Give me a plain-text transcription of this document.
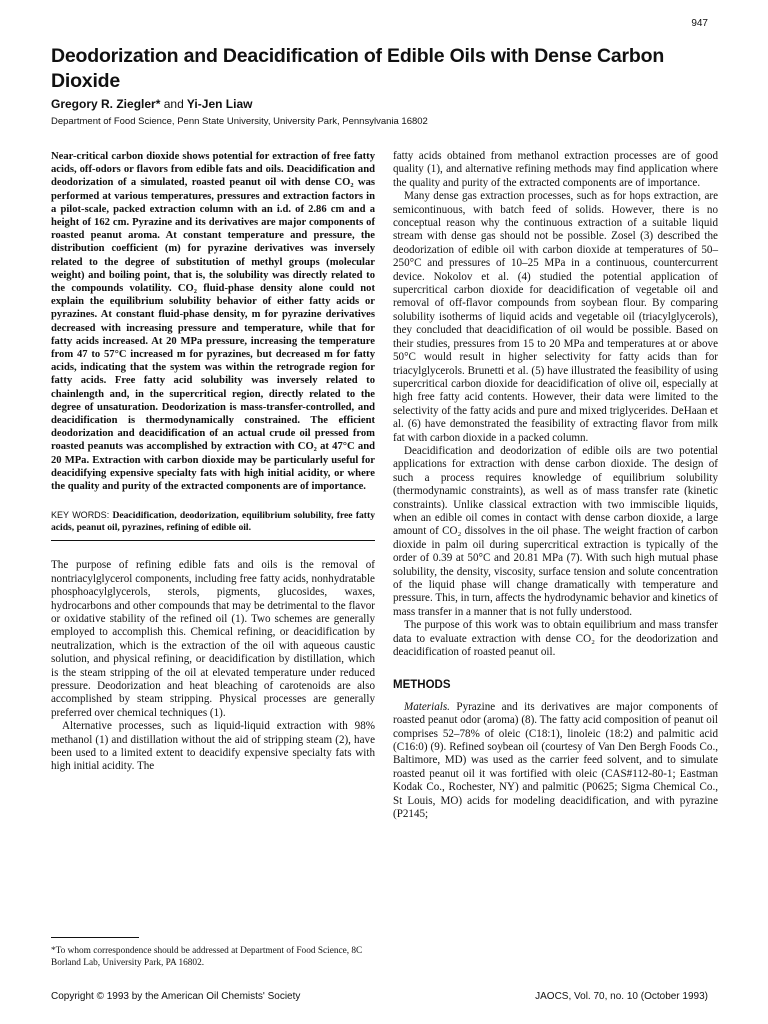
947
Deodorization and Deacidification of Edible Oils with Dense Carbon Dioxide
Gregory R. Ziegler* and Yi-Jen Liaw
Department of Food Science, Penn State University, University Park, Pennsylvania 16802

Near-critical carbon dioxide shows potential for extraction of free fatty acids, off-odors or flavors from edible fats and oils. Deacidification and deodorization of a simulated, roasted peanut oil with dense CO₂ was performed at various temperatures, pressures and extraction factors in a pilot-scale, packed extraction column with an i.d. of 2.86 cm and a height of 162 cm. Pyrazine and its derivatives are major components of roasted peanut aroma. At constant temperature and pressure, the distribution coefficient (m) for pyrazine derivatives was inversely related to the degree of substitution of methyl groups (molecular weight) and boiling point, that is, the solubility was directly related to the compounds volatility. CO₂ fluid-phase density alone could not explain the equilibrium solubility behavior of either fatty acids or pyrazines. At constant fluid-phase density, m for pyrazine derivatives decreased with increasing pressure and temperature, while that for fatty acids increased. At 20 MPa pressure, increasing the temperature from 47 to 57°C increased m for pyrazines, but decreased m for fatty acids, indicating that the system was within the retrograde region for fatty acids. Free fatty acid solubility was inversely related to chainlength and, in the supercritical region, directly related to the degree of unsaturation. Deodorization is mass-transfer-controlled, and deacidification is thermodynamically constrained. The efficient deodorization and deacidification of an actual crude oil pressed from roasted peanuts was accomplished by extraction with CO₂ at 47°C and 20 MPa. Extraction with carbon dioxide may be particularly useful for deacidifying expensive specialty fats with high initial acidity, or where the quality and purity of the extracted components are of importance.

KEY WORDS: Deacidification, deodorization, equilibrium solubility, free fatty acids, peanut oil, pyrazines, refining of edible oil.

The purpose of refining edible fats and oils is the removal of nontriacylglycerol components, including free fatty acids, nonhydratable phosphoacylglycerols, sterols, pigments, glucosides, waxes, hydrocarbons and other compounds that may be detrimental to the flavor or oxidative stability of the refined oil (1). Two schemes are generally employed to accomplish this. Chemical refining, or deacidification by neutralization, which is the extraction of the oil with aqueous caustic solution, and physical refining, or deacidification by distillation, which is the steam stripping of the oil at elevated temperature under reduced pressure. Deodorization and heat bleaching of carotenoids are also accomplished by steam stripping. Physical processes are generally preferred over chemical techniques (1).

Alternative processes, such as liquid-liquid extraction with 98% methanol (1) and distillation without the aid of stripping steam (2), have been used to a limited extent to deacidify expensive specialty fats with high initial acidity. The

*To whom correspondence should be addressed at Department of Food Science, 8C Borland Lab, University Park, PA 16802.

fatty acids obtained from methanol extraction processes are of good quality (1), and alternative refining methods may find application where the quality and purity of the extracted components are of importance.

Many dense gas extraction processes, such as for hops extraction, are semicontinuous, with batch feed of solids. However, there is no conceptual reason why the continuous extraction of a suitable liquid stream with dense gas should not be possible. Zosel (3) described the deodorization of edible oil with carbon dioxide at temperatures of 50–250°C and pressures of 10–25 MPa in a continuous, countercurrent device. Nokolov et al. (4) studied the potential application of supercritical carbon dioxide for deacidification of vegetable oil and removal of off-flavor compounds from soybean flour. By comparing solubility isotherms of liquid acids and vegetable oil (triacylglycerols), they concluded that deacidification of oil would be possible. Based on their studies, pressures from 15 to 20 MPa and temperatures at or above 50°C would result in higher selectivity for fatty acids than for triacylglycerols. Brunetti et al. (5) have illustrated the feasibility of using supercritical carbon dioxide for deacidification of olive oil, especially at high free fatty acid contents. However, their data were limited to the selectivity of the fatty acids and pure and mixed triglycerides. DeHaan et al. (6) have demonstrated the feasibility of extracting flavor from milk fat with carbon dioxide in a packed column.

Deacidification and deodorization of edible oils are two potential applications for extraction with dense carbon dioxide. The design of such a process requires knowledge of equilibrium solubility (thermodynamic constraints), as well as of mass transfer rate (kinetic constraints). Unlike classical extraction with two immiscible liquids, when an edible oil comes in contact with dense carbon dioxide, a large amount of CO₂ dissolves in the oil phase. The weight fraction of carbon dioxide in palm oil during supercritical extraction is typically of the order of 0.39 at 50°C and 20.81 MPa (7). With such high mutual phase solubility, the density, viscosity, surface tension and solute concentration of the liquid phase will change dramatically with temperature and pressure. This, in turn, affects the hydrodynamic behavior and kinetics of mass transfer in a manner that is not fully understood.

The purpose of this work was to obtain equilibrium and mass transfer data to evaluate extraction with dense CO₂ for the deodorization and deacidification of roasted peanut oil.

METHODS

Materials. Pyrazine and its derivatives are major components of roasted peanut odor (aroma) (8). The fatty acid composition of peanut oil comprises 52–78% of oleic (C18:1), linoleic (18:2) and palmitic acid (C16:0) (9). Refined soybean oil (courtesy of Van Den Bergh Foods Co., Baltimore, MD) was used as the carrier feed solvent, and to simulate roasted peanut oil it was fortified with oleic (CAS#112-80-1; Eastman Kodak Co., Rochester, NY) and palmitic (P0625; Sigma Chemical Co., St Louis, MO) acids for modeling deacidification, and with pyrazine (P2145;

Copyright © 1993 by the American Oil Chemists' Society	JAOCS, Vol. 70, no. 10 (October 1993)
